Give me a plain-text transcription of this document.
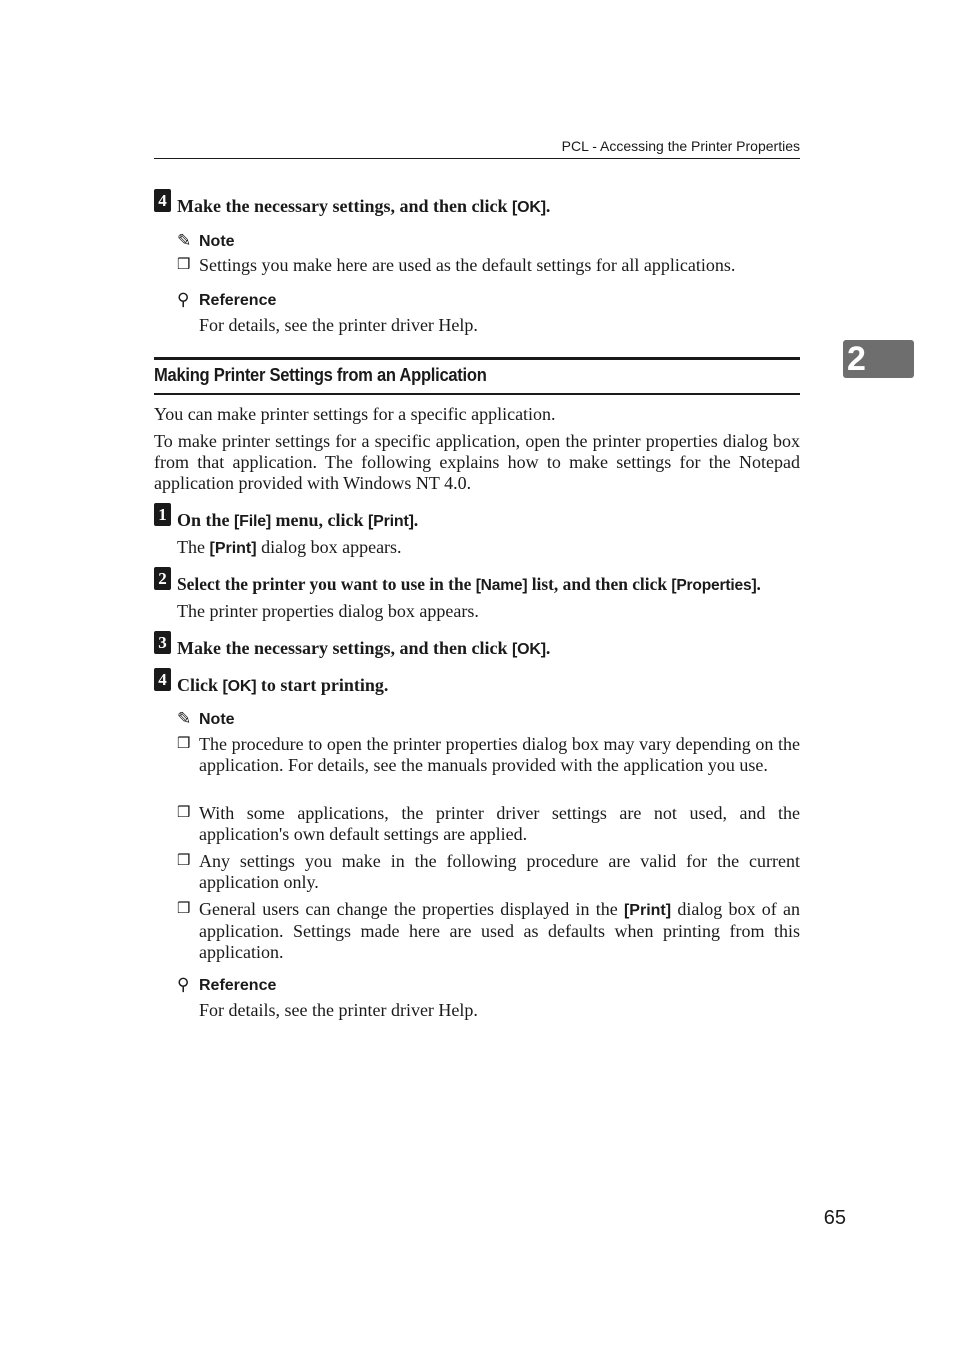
PCL - Accessing the Printer Properties
2
4 Make the necessary settings, and then click [OK].
✎ Note
❒ Settings you make here are used as the default settings for all applications.
⚲ Reference
For details, see the printer driver Help.
Making Printer Settings from an Application
You can make printer settings for a specific application.
To make printer settings for a specific application, open the printer properties dialog box from that application. The following explains how to make settings for the Notepad application provided with Windows NT 4.0.
1 On the [File] menu, click [Print].
The [Print] dialog box appears.
2 Select the printer you want to use in the [Name] list, and then click [Properties].
The printer properties dialog box appears.
3 Make the necessary settings, and then click [OK].
4 Click [OK] to start printing.
✎ Note
❒ The procedure to open the printer properties dialog box may vary depending on the application. For details, see the manuals provided with the application you use.
❒ With some applications, the printer driver settings are not used, and the application's own default settings are applied.
❒ Any settings you make in the following procedure are valid for the current application only.
❒ General users can change the properties displayed in the [Print] dialog box of an application. Settings made here are used as defaults when printing from this application.
⚲ Reference
For details, see the printer driver Help.
65
